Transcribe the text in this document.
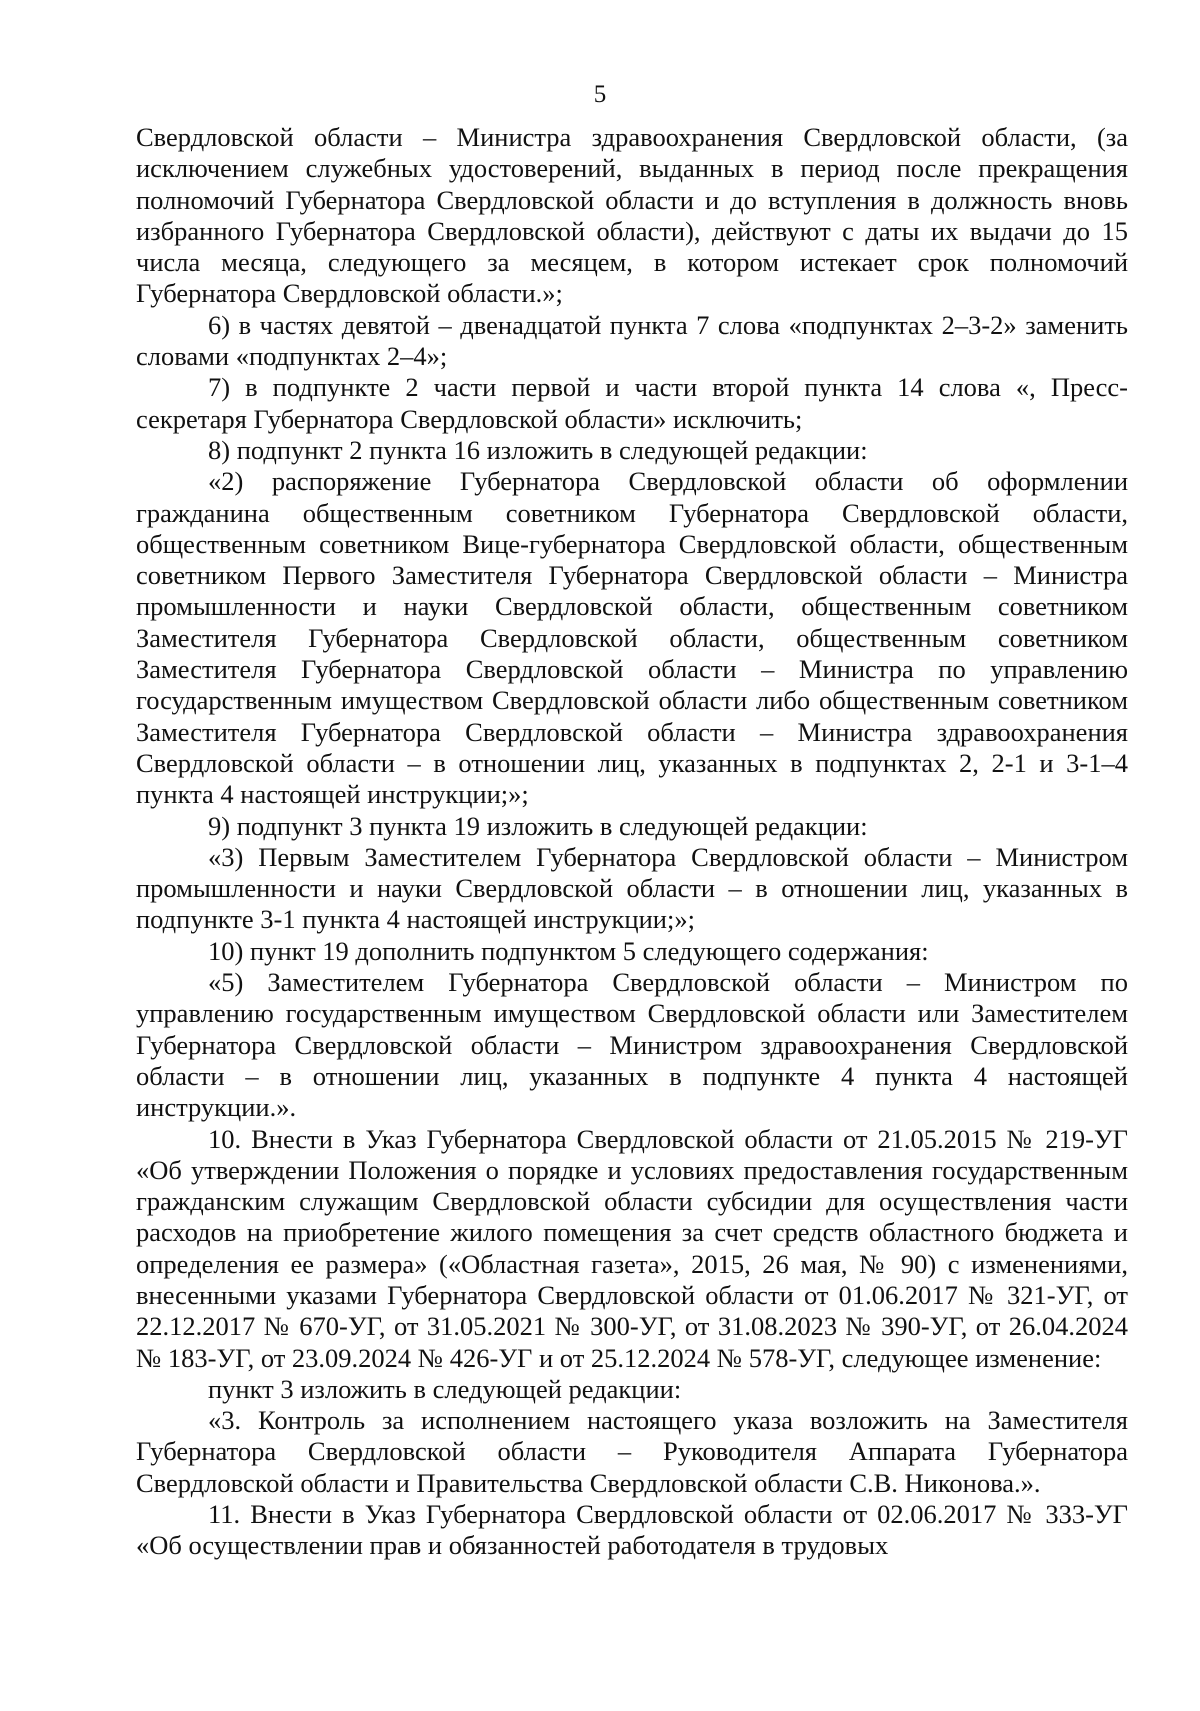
5

Свердловской области – Министра здравоохранения Свердловской области, (за исключением служебных удостоверений, выданных в период после прекращения полномочий Губернатора Свердловской области и до вступления в должность вновь избранного Губернатора Свердловской области), действуют с даты их выдачи до 15 числа месяца, следующего за месяцем, в котором истекает срок полномочий Губернатора Свердловской области.»;

6) в частях девятой – двенадцатой пункта 7 слова «подпунктах 2–3-2» заменить словами «подпунктах 2–4»;

7) в подпункте 2 части первой и части второй пункта 14 слова «, Пресс-секретаря Губернатора Свердловской области» исключить;

8) подпункт 2 пункта 16 изложить в следующей редакции:

«2) распоряжение Губернатора Свердловской области об оформлении гражданина общественным советником Губернатора Свердловской области, общественным советником Вице-губернатора Свердловской области, общественным советником Первого Заместителя Губернатора Свердловской области – Министра промышленности и науки Свердловской области, общественным советником Заместителя Губернатора Свердловской области, общественным советником Заместителя Губернатора Свердловской области – Министра по управлению государственным имуществом Свердловской области либо общественным советником Заместителя Губернатора Свердловской области – Министра здравоохранения Свердловской области – в отношении лиц, указанных в подпунктах 2, 2-1 и 3-1–4 пункта 4 настоящей инструкции;»;

9) подпункт 3 пункта 19 изложить в следующей редакции:

«3) Первым Заместителем Губернатора Свердловской области – Министром промышленности и науки Свердловской области – в отношении лиц, указанных в подпункте 3-1 пункта 4 настоящей инструкции;»;

10) пункт 19 дополнить подпунктом 5 следующего содержания:

«5) Заместителем Губернатора Свердловской области – Министром по управлению государственным имуществом Свердловской области или Заместителем Губернатора Свердловской области – Министром здравоохранения Свердловской области – в отношении лиц, указанных в подпункте 4 пункта 4 настоящей инструкции.».

10. Внести в Указ Губернатора Свердловской области от 21.05.2015 № 219-УГ «Об утверждении Положения о порядке и условиях предоставления государственным гражданским служащим Свердловской области субсидии для осуществления части расходов на приобретение жилого помещения за счет средств областного бюджета и определения ее размера» («Областная газета», 2015, 26 мая, № 90) с изменениями, внесенными указами Губернатора Свердловской области от 01.06.2017 № 321-УГ, от 22.12.2017 № 670-УГ, от 31.05.2021 № 300-УГ, от 31.08.2023 № 390-УГ, от 26.04.2024 № 183-УГ, от 23.09.2024 № 426-УГ и от 25.12.2024 № 578-УГ, следующее изменение:

пункт 3 изложить в следующей редакции:

«3. Контроль за исполнением настоящего указа возложить на Заместителя Губернатора Свердловской области – Руководителя Аппарата Губернатора Свердловской области и Правительства Свердловской области С.В. Никонова.».

11. Внести в Указ Губернатора Свердловской области от 02.06.2017 № 333-УГ «Об осуществлении прав и обязанностей работодателя в трудовых
